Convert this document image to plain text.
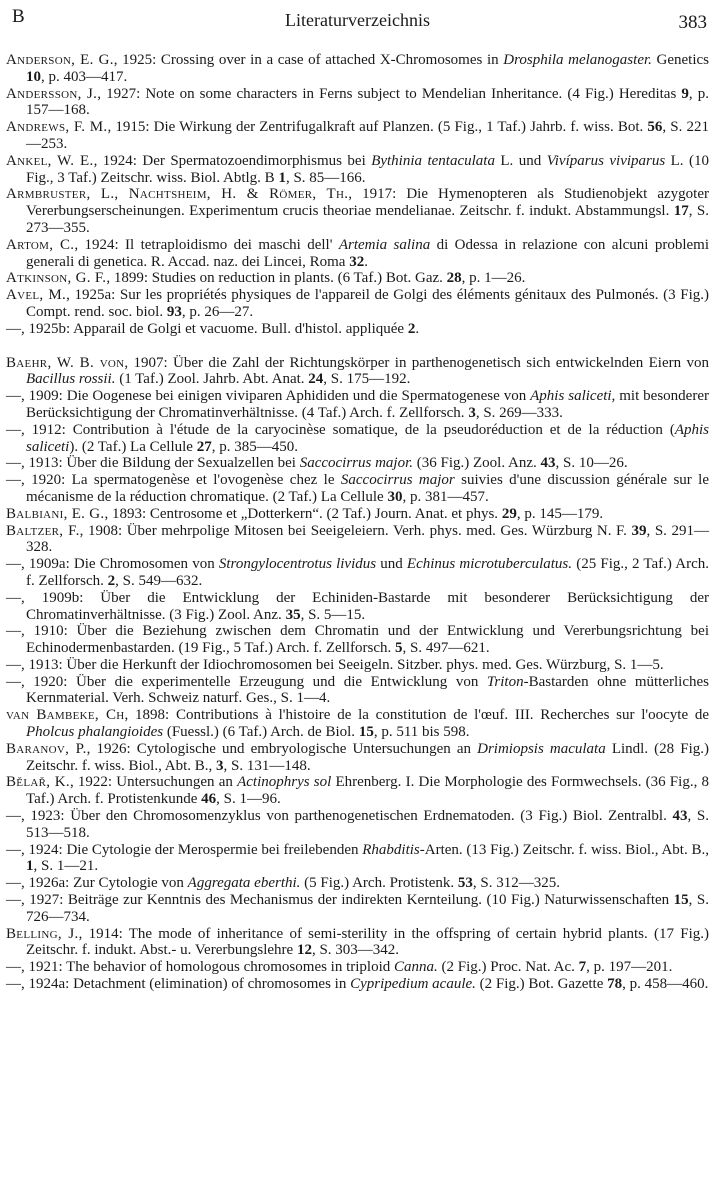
B	Literaturverzeichnis	383

Anderson, E. G., 1925: Crossing over in a case of attached X-Chromosomes in Drosphila melanogaster. Genetics 10, p. 403—417.

Andersson, J., 1927: Note on some characters in Ferns subject to Mendelian Inheritance. (4 Fig.) Hereditas 9, p. 157—168.

Andrews, F. M., 1915: Die Wirkung der Zentrifugalkraft auf Planzen. (5 Fig., 1 Taf.) Jahrb. f. wiss. Bot. 56, S. 221—253.

Ankel, W. E., 1924: Der Spermatozoendimorphismus bei Bythinia tentaculata L. und Vivíparus viviparus L. (10 Fig., 3 Taf.) Zeitschr. wiss. Biol. Abtlg. B 1, S. 85—166.

Armbruster, L., Nachtsheim, H. & Römer, Th., 1917: Die Hymenopteren als Studienobjekt azygoter Vererbungserscheinungen. Experimentum crucis theoriae mendelianae. Zeitschr. f. indukt. Abstammungsl. 17, S. 273—355.

Artom, C., 1924: Il tetraploidismo dei maschi dell' Artemia salina di Odessa in relazione con alcuni problemi generali di genetica. R. Accad. naz. dei Lincei, Roma 32.

Atkinson, G. F., 1899: Studies on reduction in plants. (6 Taf.) Bot. Gaz. 28, p. 1—26.

Avel, M., 1925a: Sur les propriétés physiques de l'appareil de Golgi des éléments génitaux des Pulmonés. (3 Fig.) Compt. rend. soc. biol. 93, p. 26—27.

—, 1925b: Apparail de Golgi et vacuome. Bull. d'histol. appliquée 2.

Baehr, W. B. von, 1907: Über die Zahl der Richtungskörper in parthenogenetisch sich entwickelnden Eiern von Bacillus rossii. (1 Taf.) Zool. Jahrb. Abt. Anat. 24, S. 175—192.

—, 1909: Die Oogenese bei einigen viviparen Aphididen und die Spermatogenese von Aphis saliceti, mit besonderer Berücksichtigung der Chromatinverhältnisse. (4 Taf.) Arch. f. Zellforsch. 3, S. 269—333.

—, 1912: Contribution à l'étude de la caryocinèse somatique, de la pseudoréduction et de la réduction (Aphis saliceti). (2 Taf.) La Cellule 27, p. 385—450.

—, 1913: Über die Bildung der Sexualzellen bei Saccocirrus major. (36 Fig.) Zool. Anz. 43, S. 10—26.

—, 1920: La spermatogenèse et l'ovogenèse chez le Saccocirrus major suivies d'une discussion générale sur le mécanisme de la réduction chromatique. (2 Taf.) La Cellule 30, p. 381—457.

Balbiani, E. G., 1893: Centrosome et „Dotterkern“. (2 Taf.) Journ. Anat. et phys. 29, p. 145—179.

Baltzer, F., 1908: Über mehrpolige Mitosen bei Seeigeleiern. Verh. phys. med. Ges. Würzburg N. F. 39, S. 291—328.

—, 1909a: Die Chromosomen von Strongylocentrotus lividus und Echinus microtuberculatus. (25 Fig., 2 Taf.) Arch. f. Zellforsch. 2, S. 549—632.

—, 1909b: Über die Entwicklung der Echiniden-Bastarde mit besonderer Berücksichtigung der Chromatinverhältnisse. (3 Fig.) Zool. Anz. 35, S. 5—15.

—, 1910: Über die Beziehung zwischen dem Chromatin und der Entwicklung und Vererbungsrichtung bei Echinodermenbastarden. (19 Fig., 5 Taf.) Arch. f. Zellforsch. 5, S. 497—621.

—, 1913: Über die Herkunft der Idiochromosomen bei Seeigeln. Sitzber. phys. med. Ges. Würzburg, S. 1—5.

—, 1920: Über die experimentelle Erzeugung und die Entwicklung von Triton-Bastarden ohne mütterliches Kernmaterial. Verh. Schweiz naturf. Ges., S. 1—4.

van Bambeke, Ch, 1898: Contributions à l'histoire de la constitution de l'œuf. III. Recherches sur l'oocyte de Pholcus phalangioides (Fuessl.) (6 Taf.) Arch. de Biol. 15, p. 511 bis 598.

Baranov, P., 1926: Cytologische und embryologische Untersuchungen an Drimiopsis maculata Lindl. (28 Fig.) Zeitschr. f. wiss. Biol., Abt. B., 3, S. 131—148.

Bělař, K., 1922: Untersuchungen an Actinophrys sol Ehrenberg. I. Die Morphologie des Formwechsels. (36 Fig., 8 Taf.) Arch. f. Protistenkunde 46, S. 1—96.

—, 1923: Über den Chromosomenzyklus von parthenogenetischen Erdnematoden. (3 Fig.) Biol. Zentralbl. 43, S. 513—518.

—, 1924: Die Cytologie der Merospermie bei freilebenden Rhabditis-Arten. (13 Fig.) Zeitschr. f. wiss. Biol., Abt. B., 1, S. 1—21.

—, 1926a: Zur Cytologie von Aggregata eberthi. (5 Fig.) Arch. Protistenk. 53, S. 312—325.

—, 1927: Beiträge zur Kenntnis des Mechanismus der indirekten Kernteilung. (10 Fig.) Naturwissenschaften 15, S. 726—734.

Belling, J., 1914: The mode of inheritance of semi-sterility in the offspring of certain hybrid plants. (17 Fig.) Zeitschr. f. indukt. Abst.- u. Vererbungslehre 12, S. 303—342.

—, 1921: The behavior of homologous chromosomes in triploid Canna. (2 Fig.) Proc. Nat. Ac. 7, p. 197—201.

—, 1924a: Detachment (elimination) of chromosomes in Cypripedium acaule. (2 Fig.) Bot. Gazette 78, p. 458—460.
